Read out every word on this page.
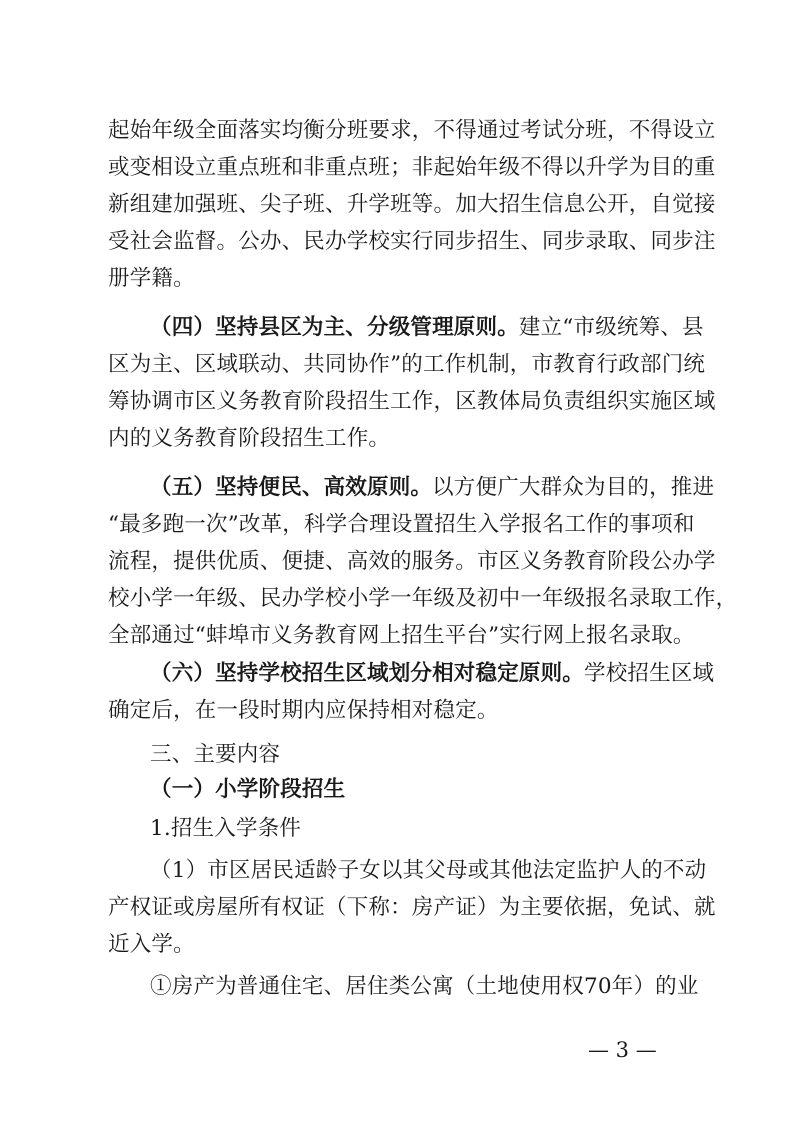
起始年级全面落实均衡分班要求，不得通过考试分班，不得设立
或变相设立重点班和非重点班；非起始年级不得以升学为目的重
新组建加强班、尖子班、升学班等。加大招生信息公开，自觉接
受社会监督。公办、民办学校实行同步招生、同步录取、同步注
册学籍。
（四）坚持县区为主、分级管理原则。建立“市级统筹、县
区为主、区域联动、共同协作”的工作机制，市教育行政部门统
筹协调市区义务教育阶段招生工作，区教体局负责组织实施区域
内的义务教育阶段招生工作。
（五）坚持便民、高效原则。以方便广大群众为目的，推进
“最多跑一次”改革，科学合理设置招生入学报名工作的事项和
流程，提供优质、便捷、高效的服务。市区义务教育阶段公办学
校小学一年级、民办学校小学一年级及初中一年级报名录取工作，
全部通过“蚌埠市义务教育网上招生平台”实行网上报名录取。
（六）坚持学校招生区域划分相对稳定原则。学校招生区域
确定后，在一段时期内应保持相对稳定。
三、主要内容
（一）小学阶段招生
1.招生入学条件
（1）市区居民适龄子女以其父母或其他法定监护人的不动
产权证或房屋所有权证（下称：房产证）为主要依据，免试、就
近入学。
①房产为普通住宅、居住类公寓（土地使用权70年）的业
— 3 —
